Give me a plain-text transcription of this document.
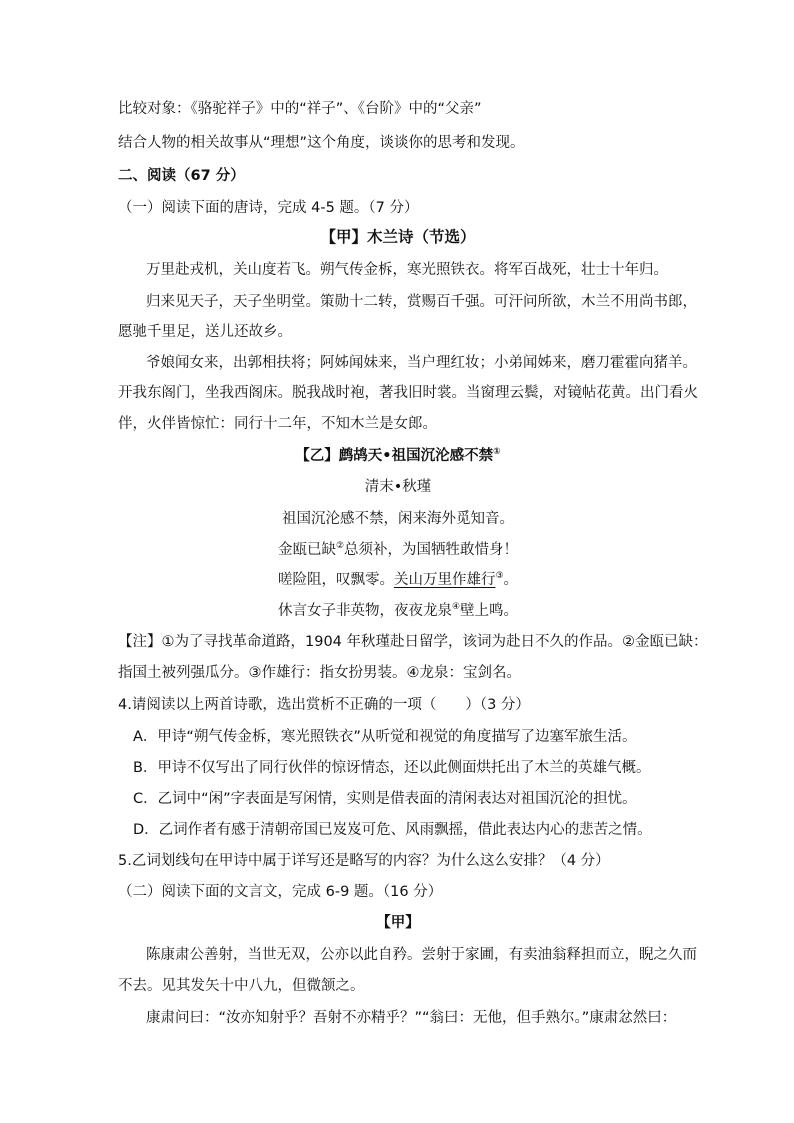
比较对象：《骆驼祥子》中的“祥子”、《台阶》中的“父亲”
结合人物的相关故事从“理想”这个角度，谈谈你的思考和发现。
二、阅读（67 分）
（一）阅读下面的唐诗，完成 4-5 题。（7 分）
【甲】木兰诗（节选）
万里赴戎机，关山度若飞。朔气传金柝，寒光照铁衣。将军百战死，壮士十年归。
归来见天子，天子坐明堂。策勋十二转，赏赐百千强。可汗问所欲，木兰不用尚书郎，
愿驰千里足，送儿还故乡。
爷娘闻女来，出郭相扶将；阿姊闻妹来，当户理红妆；小弟闻姊来，磨刀霍霍向猪羊。
开我东阁门，坐我西阁床。脱我战时袍，著我旧时裳。当窗理云鬓，对镜帖花黄。出门看火
伴，火伴皆惊忙：同行十二年，不知木兰是女郎。
【乙】鹧鸪天•祖国沉沦感不禁①
清末•秋瑾
祖国沉沦感不禁，闲来海外觅知音。
金瓯已缺②总须补，为国牺牲敢惜身！
嗟险阻，叹飘零。关山万里作雄行③。
休言女子非英物，夜夜龙泉④壁上鸣。
【注】①为了寻找革命道路，1904 年秋瑾赴日留学，该词为赴日不久的作品。②金瓯已缺：
指国土被列强瓜分。③作雄行：指女扮男装。④龙泉：宝剑名。
4.请阅读以上两首诗歌，选出赏析不正确的一项（　　）（3 分）
A．甲诗“朔气传金柝，寒光照铁衣”从听觉和视觉的角度描写了边塞军旅生活。
B．甲诗不仅写出了同行伙伴的惊讶情态，还以此侧面烘托出了木兰的英雄气概。
C．乙词中“闲”字表面是写闲情，实则是借表面的清闲表达对祖国沉沦的担忧。
D．乙词作者有感于清朝帝国已岌岌可危、风雨飘摇，借此表达内心的悲苦之情。
5.乙词划线句在甲诗中属于详写还是略写的内容？为什么这么安排？（4 分）
（二）阅读下面的文言文，完成 6-9 题。（16 分）
【甲】
陈康肃公善射，当世无双，公亦以此自矜。尝射于家圃，有卖油翁释担而立，睨之久而
不去。见其发矢十中八九，但微颔之。
康肃问曰：“汝亦知射乎？吾射不亦精乎？”“翁曰：无他，但手熟尔。”康肃忿然曰：
